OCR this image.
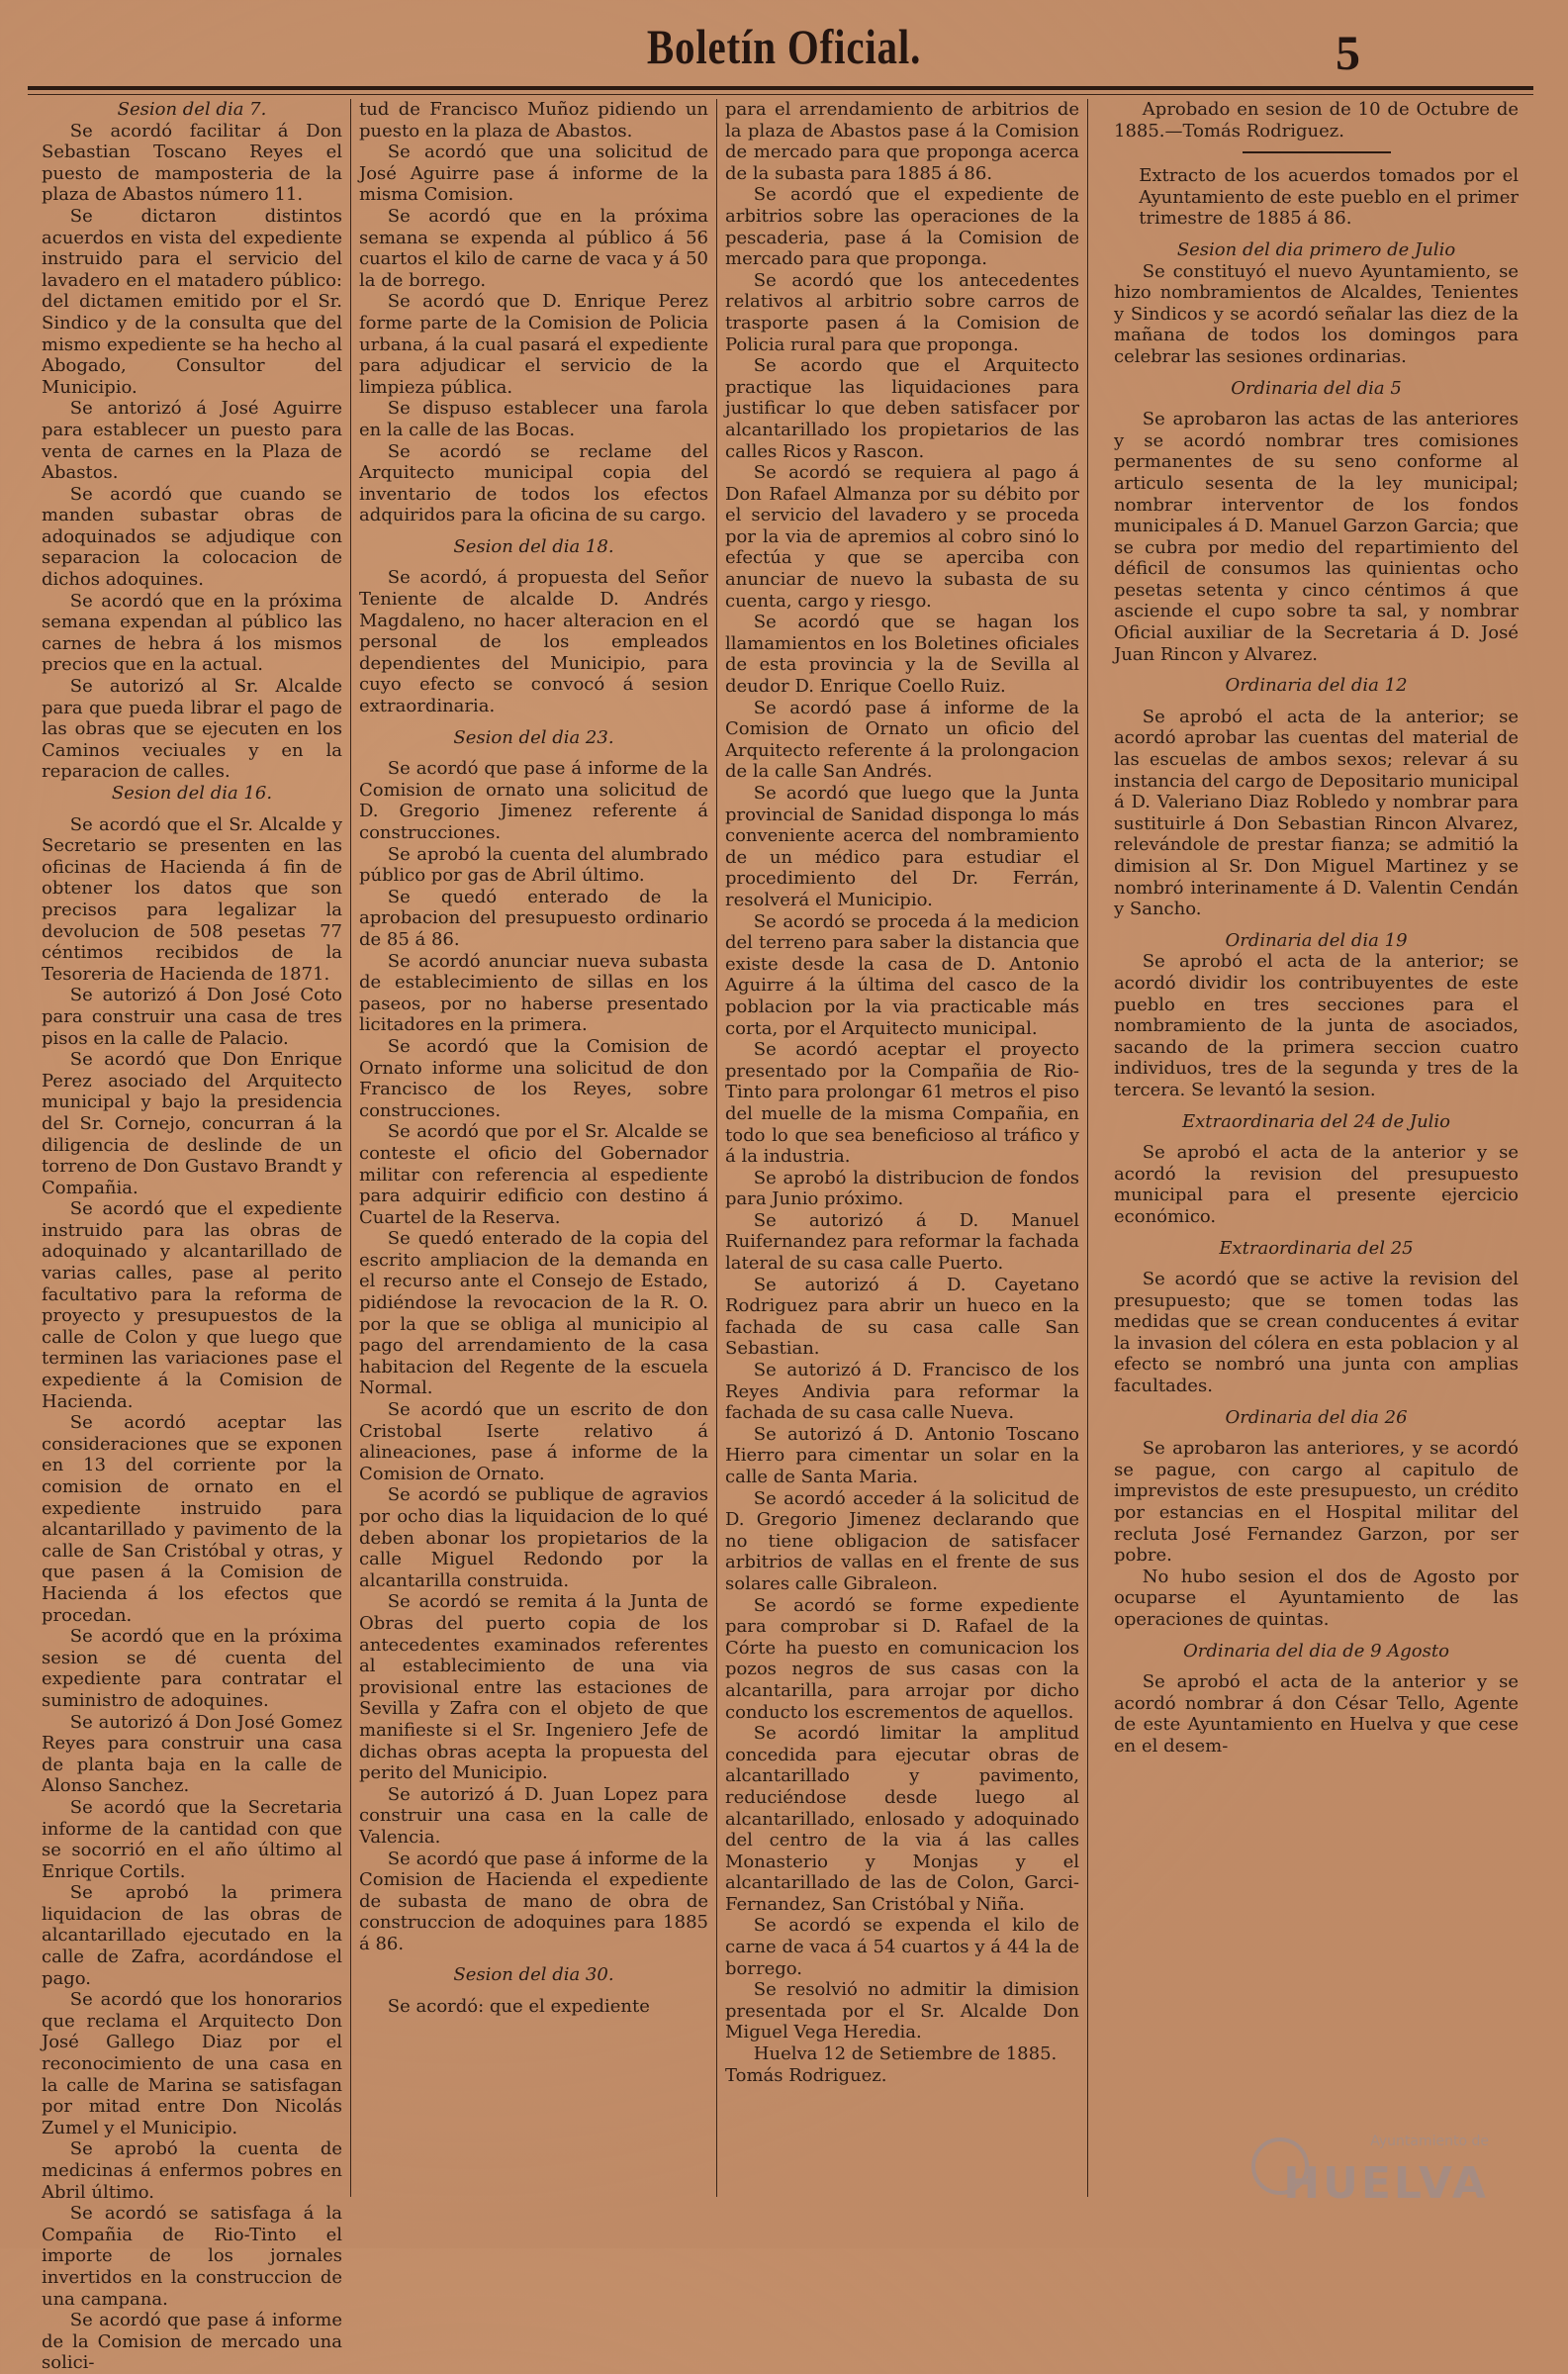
Boletín Oficial.	5

Sesion del dia 7.

Se acordó facilitar á Don Sebastian Toscano Reyes el puesto de mamposteria de la plaza de Abastos número 11.

Se dictaron distintos acuerdos en vista del expediente instruido para el servicio del lavadero en el matadero público: del dictamen emitido por el Sr. Sindico y de la consulta que del mismo expediente se ha hecho al Abogado, Consultor del Municipio.

Se antorizó á José Aguirre para establecer un puesto para venta de carnes en la Plaza de Abastos.

Se acordó que cuando se manden subastar obras de adoquinados se adjudique con separacion la colocacion de dichos adoquines.

Se acordó que en la próxima semana expendan al público las carnes de hebra á los mismos precios que en la actual.

Se autorizó al Sr. Alcalde para que pueda librar el pago de las obras que se ejecuten en los Caminos veciuales y en la reparacion de calles.

Sesion del dia 16.

Se acordó que el Sr. Alcalde y Secretario se presenten en las oficinas de Hacienda á fin de obtener los datos que son precisos para legalizar la devolucion de 508 pesetas 77 céntimos recibidos de la Tesoreria de Hacienda de 1871.

Se autorizó á Don José Coto para construir una casa de tres pisos en la calle de Palacio.

Se acordó que Don Enrique Perez asociado del Arquitecto municipal y bajo la presidencia del Sr. Cornejo, concurran á la diligencia de deslinde de un torreno de Don Gustavo Brandt y Compañia.

Se acordó que el expediente instruido para las obras de adoquinado y alcantarillado de varias calles, pase al perito facultativo para la reforma de proyecto y presupuestos de la calle de Colon y que luego que terminen las variaciones pase el expediente á la Comision de Hacienda.

Se acordó aceptar las consideraciones que se exponen en 13 del corriente por la comision de ornato en el expediente instruido para alcantarillado y pavimento de la calle de San Cristóbal y otras, y que pasen á la Comision de Hacienda á los efectos que procedan.

Se acordó que en la próxima sesion se dé cuenta del expediente para contratar el suministro de adoquines.

Se autorizó á Don José Gomez Reyes para construir una casa de planta baja en la calle de Alonso Sanchez.

Se acordó que la Secretaria informe de la cantidad con que se socorrió en el año último al Enrique Cortils.

Se aprobó la primera liquidacion de las obras de alcantarillado ejecutado en la calle de Zafra, acordándose el pago.

Se acordó que los honorarios que reclama el Arquitecto Don José Gallego Diaz por el reconocimiento de una casa en la calle de Marina se satisfagan por mitad entre Don Nicolás Zumel y el Municipio.

Se aprobó la cuenta de medicinas á enfermos pobres en Abril último.

Se acordó se satisfaga á la Compañia de Rio-Tinto el importe de los jornales invertidos en la construccion de una campana.

Se acordó que pase á informe de la Comision de mercado una solici-

tud de Francisco Muñoz pidiendo un puesto en la plaza de Abastos.

Se acordó que una solicitud de José Aguirre pase á informe de la misma Comision.

Se acordó que en la próxima semana se expenda al público á 56 cuartos el kilo de carne de vaca y á 50 la de borrego.

Se acordó que D. Enrique Perez forme parte de la Comision de Policia urbana, á la cual pasará el expediente para adjudicar el servicio de la limpieza pública.

Se dispuso establecer una farola en la calle de las Bocas.

Se acordó se reclame del Arquitecto municipal copia del inventario de todos los efectos adquiridos para la oficina de su cargo.

Sesion del dia 18.

Se acordó, á propuesta del Señor Teniente de alcalde D. Andrés Magdaleno, no hacer alteracion en el personal de los empleados dependientes del Municipio, para cuyo efecto se convocó á sesion extraordinaria.

Sesion del dia 23.

Se acordó que pase á informe de la Comision de ornato una solicitud de D. Gregorio Jimenez referente á construcciones.

Se aprobó la cuenta del alumbrado público por gas de Abril último.

Se quedó enterado de la aprobacion del presupuesto ordinario de 85 á 86.

Se acordó anunciar nueva subasta de establecimiento de sillas en los paseos, por no haberse presentado licitadores en la primera.

Se acordó que la Comision de Ornato informe una solicitud de don Francisco de los Reyes, sobre construcciones.

Se acordó que por el Sr. Alcalde se conteste el oficio del Gobernador militar con referencia al espediente para adquirir edificio con destino á Cuartel de la Reserva.

Se quedó enterado de la copia del escrito ampliacion de la demanda en el recurso ante el Consejo de Estado, pidiéndose la revocacion de la R. O. por la que se obliga al municipio al pago del arrendamiento de la casa habitacion del Regente de la escuela Normal.

Se acordó que un escrito de don Cristobal Iserte relativo á alineaciones, pase á informe de la Comision de Ornato.

Se acordó se publique de agravios por ocho dias la liquidacion de lo qué deben abonar los propietarios de la calle Miguel Redondo por la alcantarilla construida.

Se acordó se remita á la Junta de Obras del puerto copia de los antecedentes examinados referentes al establecimiento de una via provisional entre las estaciones de Sevilla y Zafra con el objeto de que manifieste si el Sr. Ingeniero Jefe de dichas obras acepta la propuesta del perito del Municipio.

Se autorizó á D. Juan Lopez para construir una casa en la calle de Valencia.

Se acordó que pase á informe de la Comision de Hacienda el expediente de subasta de mano de obra de construccion de adoquines para 1885 á 86.

Sesion del dia 30.

Se acordó: que el expediente

para el arrendamiento de arbitrios de la plaza de Abastos pase á la Comision de mercado para que proponga acerca de la subasta para 1885 á 86.

Se acordó que el expediente de arbitrios sobre las operaciones de la pescaderia, pase á la Comision de mercado para que proponga.

Se acordó que los antecedentes relativos al arbitrio sobre carros de trasporte pasen á la Comision de Policia rural para que proponga.

Se acordo que el Arquitecto practique las liquidaciones para justificar lo que deben satisfacer por alcantarillado los propietarios de las calles Ricos y Rascon.

Se acordó se requiera al pago á Don Rafael Almanza por su débito por el servicio del lavadero y se proceda por la via de apremios al cobro sinó lo efectúa y que se aperciba con anunciar de nuevo la subasta de su cuenta, cargo y riesgo.

Se acordó que se hagan los llamamientos en los Boletines oficiales de esta provincia y la de Sevilla al deudor D. Enrique Coello Ruiz.

Se acordó pase á informe de la Comision de Ornato un oficio del Arquitecto referente á la prolongacion de la calle San Andrés.

Se acordó que luego que la Junta provincial de Sanidad disponga lo más conveniente acerca del nombramiento de un médico para estudiar el procedimiento del Dr. Ferrán, resolverá el Municipio.

Se acordó se proceda á la medicion del terreno para saber la distancia que existe desde la casa de D. Antonio Aguirre á la última del casco de la poblacion por la via practicable más corta, por el Arquitecto municipal.

Se acordó aceptar el proyecto presentado por la Compañia de Rio-Tinto para prolongar 61 metros el piso del muelle de la misma Compañia, en todo lo que sea beneficioso al tráfico y á la industria.

Se aprobó la distribucion de fondos para Junio próximo.

Se autorizó á D. Manuel Ruifernandez para reformar la fachada lateral de su casa calle Puerto.

Se autorizó á D. Cayetano Rodriguez para abrir un hueco en la fachada de su casa calle San Sebastian.

Se autorizó á D. Francisco de los Reyes Andivia para reformar la fachada de su casa calle Nueva.

Se autorizó á D. Antonio Toscano Hierro para cimentar un solar en la calle de Santa Maria.

Se acordó acceder á la solicitud de D. Gregorio Jimenez declarando que no tiene obligacion de satisfacer arbitrios de vallas en el frente de sus solares calle Gibraleon.

Se acordó se forme expediente para comprobar si D. Rafael de la Córte ha puesto en comunicacion los pozos negros de sus casas con la alcantarilla, para arrojar por dicho conducto los escrementos de aquellos.

Se acordó limitar la amplitud concedida para ejecutar obras de alcantarillado y pavimento, reduciéndose desde luego al alcantarillado, enlosado y adoquinado del centro de la via á las calles Monasterio y Monjas y el alcantarillado de las de Colon, Garci-Fernandez, San Cristóbal y Niña.

Se acordó se expenda el kilo de carne de vaca á 54 cuartos y á 44 la de borrego.

Se resolvió no admitir la dimision presentada por el Sr. Alcalde Don Miguel Vega Heredia.

Huelva 12 de Setiembre de 1885.

Tomás Rodriguez.

Aprobado en sesion de 10 de Octubre de 1885.—Tomás Rodriguez.

Extracto de los acuerdos tomados por el Ayuntamiento de este pueblo en el primer trimestre de 1885 á 86.

Sesion del dia primero de Julio

Se constituyó el nuevo Ayuntamiento, se hizo nombramientos de Alcaldes, Tenientes y Sindicos y se acordó señalar las diez de la mañana de todos los domingos para celebrar las sesiones ordinarias.

Ordinaria del dia 5

Se aprobaron las actas de las anteriores y se acordó nombrar tres comisiones permanentes de su seno conforme al articulo sesenta de la ley municipal; nombrar interventor de los fondos municipales á D. Manuel Garzon Garcia; que se cubra por medio del repartimiento del déficil de consumos las quinientas ocho pesetas setenta y cinco céntimos á que asciende el cupo sobre ta sal, y nombrar Oficial auxiliar de la Secretaria á D. José Juan Rincon y Alvarez.

Ordinaria del dia 12

Se aprobó el acta de la anterior; se acordó aprobar las cuentas del material de las escuelas de ambos sexos; relevar á su instancia del cargo de Depositario municipal á D. Valeriano Diaz Robledo y nombrar para sustituirle á Don Sebastian Rincon Alvarez, relevándole de prestar fianza; se admitió la dimision al Sr. Don Miguel Martinez y se nombró interinamente á D. Valentin Cendán y Sancho.

Ordinaria del dia 19

Se aprobó el acta de la anterior; se acordó dividir los contribuyentes de este pueblo en tres secciones para el nombramiento de la junta de asociados, sacando de la primera seccion cuatro individuos, tres de la segunda y tres de la tercera. Se levantó la sesion.

Extraordinaria del 24 de Julio

Se aprobó el acta de la anterior y se acordó la revision del presupuesto municipal para el presente ejercicio económico.

Extraordinaria del 25

Se acordó que se active la revision del presupuesto; que se tomen todas las medidas que se crean conducentes á evitar la invasion del cólera en esta poblacion y al efecto se nombró una junta con amplias facultades.

Ordinaria del dia 26

Se aprobaron las anteriores, y se acordó se pague, con cargo al capitulo de imprevistos de este presupuesto, un crédito por estancias en el Hospital militar del recluta José Fernandez Garzon, por ser pobre.

No hubo sesion el dos de Agosto por ocuparse el Ayuntamiento de las operaciones de quintas.

Ordinaria del dia de 9 Agosto

Se aprobó el acta de la anterior y se acordó nombrar á don César Tello, Agente de este Ayuntamiento en Huelva y que cese en el desem-

Ayuntamiento de
HUELVA
